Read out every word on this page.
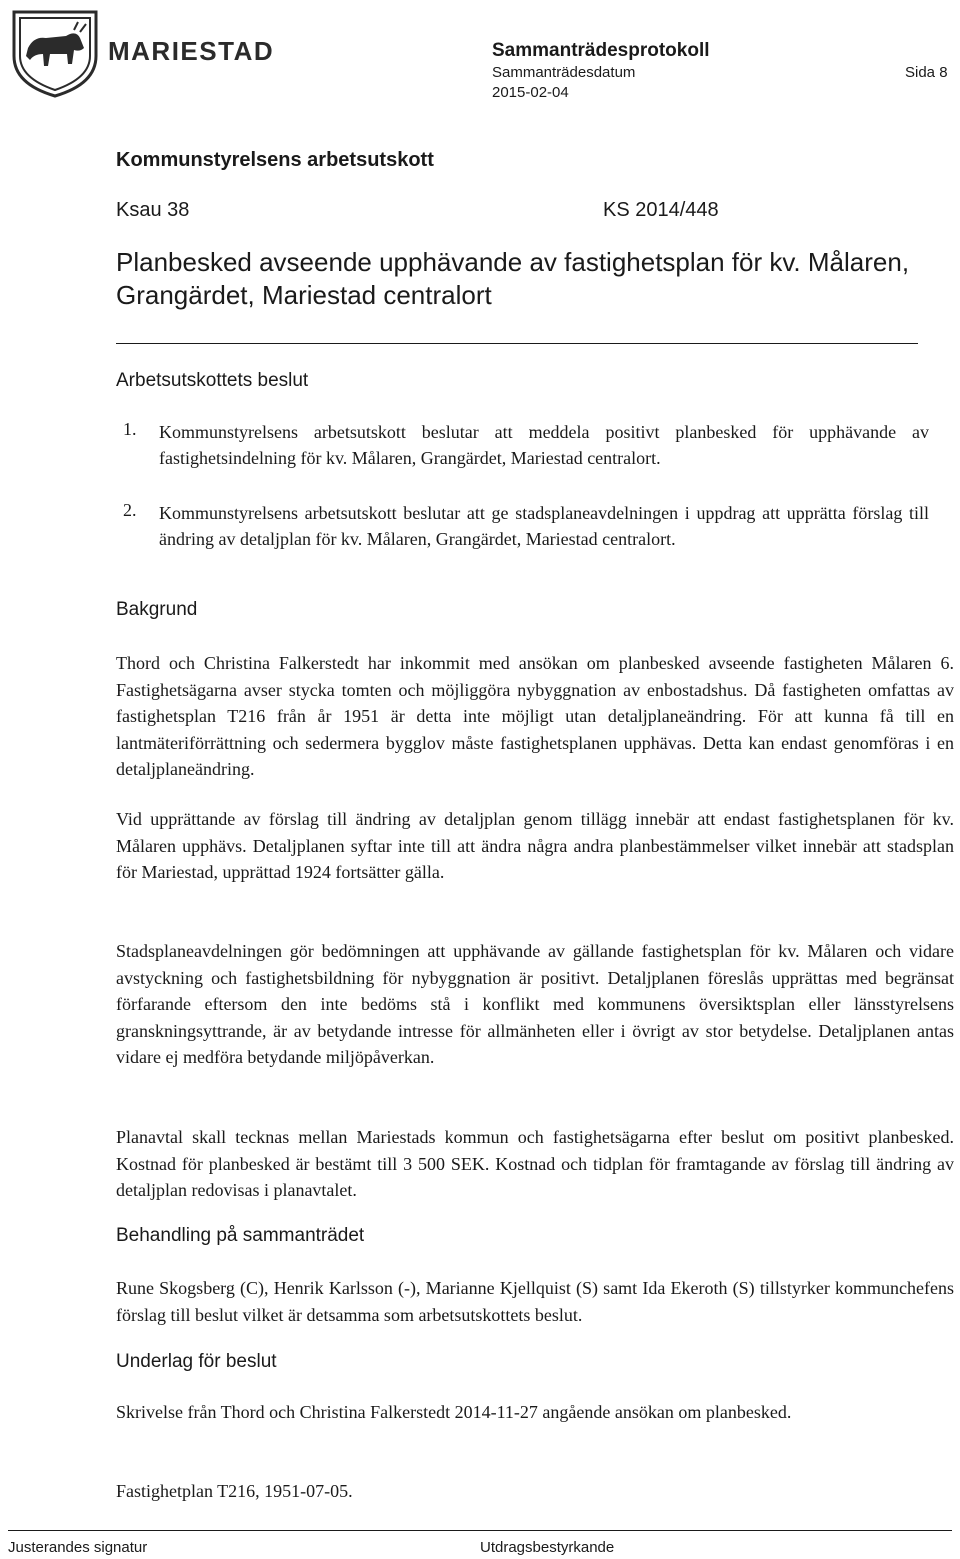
MARIESTAD	Sammanträdesprotokoll
Sammanträdesdatum
2015-02-04
Sida 8
Kommunstyrelsens arbetsutskott
Ksau 38	KS 2014/448
Planbesked avseende upphävande av fastighetsplan för kv. Målaren, Grangärdet, Mariestad centralort
Arbetsutskottets beslut
1. Kommunstyrelsens arbetsutskott beslutar att meddela positivt planbesked för upphävande av fastighetsindelning för kv. Målaren, Grangärdet, Mariestad centralort.
2. Kommunstyrelsens arbetsutskott beslutar att ge stadsplaneavdelningen i uppdrag att upprätta förslag till ändring av detaljplan för kv. Målaren, Grangärdet, Mariestad centralort.
Bakgrund
Thord och Christina Falkerstedt har inkommit med ansökan om planbesked avseende fastigheten Målaren 6. Fastighetsägarna avser stycka tomten och möjliggöra nybyggnation av enbostadshus. Då fastigheten omfattas av fastighetsplan T216 från år 1951 är detta inte möjligt utan detaljplaneändring. För att kunna få till en lantmäteriförrättning och sedermera bygglov måste fastighetsplanen upphävas. Detta kan endast genomföras i en detaljplaneändring.
Vid upprättande av förslag till ändring av detaljplan genom tillägg innebär att endast fastighetsplanen för kv. Målaren upphävs. Detaljplanen syftar inte till att ändra några andra planbestämmelser vilket innebär att stadsplan för Mariestad, upprättad 1924 fortsätter gälla.
Stadsplaneavdelningen gör bedömningen att upphävande av gällande fastighetsplan för kv. Målaren och vidare avstyckning och fastighetsbildning för nybyggnation är positivt. Detaljplanen föreslås upprättas med begränsat förfarande eftersom den inte bedöms stå i konflikt med kommunens översiktsplan eller länsstyrelsens granskningsyttrande, är av betydande intresse för allmänheten eller i övrigt av stor betydelse. Detaljplanen antas vidare ej medföra betydande miljöpåverkan.
Planavtal skall tecknas mellan Mariestads kommun och fastighetsägarna efter beslut om positivt planbesked. Kostnad för planbesked är bestämt till 3 500 SEK. Kostnad och tidplan för framtagande av förslag till ändring av detaljplan redovisas i planavtalet.
Behandling på sammanträdet
Rune Skogsberg (C), Henrik Karlsson (-), Marianne Kjellquist (S) samt Ida Ekeroth (S) tillstyrker kommunchefens förslag till beslut vilket är detsamma som arbetsutskottets beslut.
Underlag för beslut
Skrivelse från Thord och Christina Falkerstedt 2014-11-27 angående ansökan om planbesked.
Fastighetplan T216, 1951-07-05.
Justerandes signatur	Utdragsbestyrkande
